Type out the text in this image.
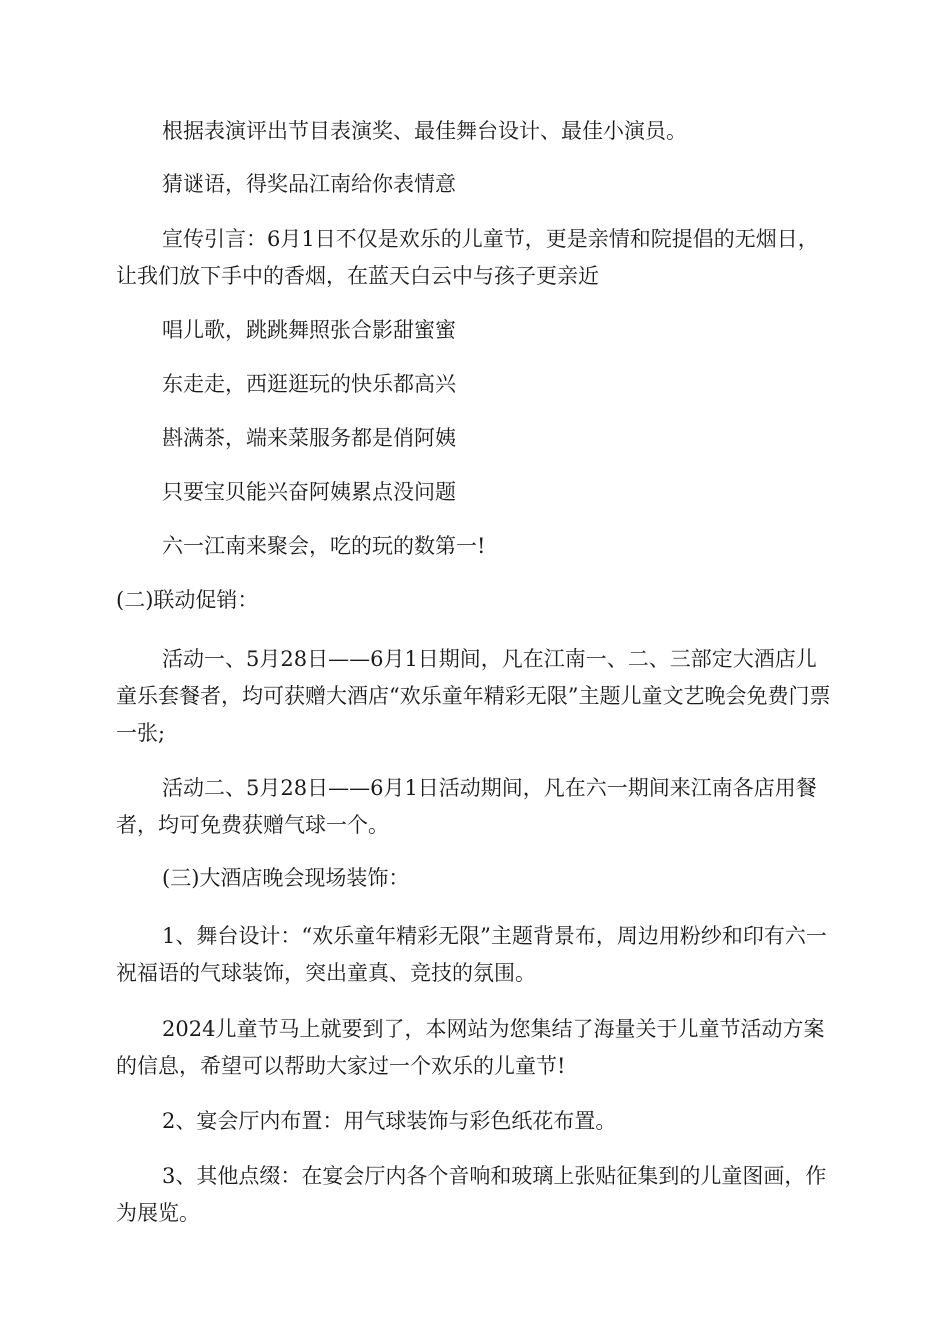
根据表演评出节目表演奖、最佳舞台设计、最佳小演员。

猜谜语，得奖品江南给你表情意

宣传引言：6月1日不仅是欢乐的儿童节，更是亲情和院提倡的无烟日，让我们放下手中的香烟，在蓝天白云中与孩子更亲近

唱儿歌，跳跳舞照张合影甜蜜蜜

东走走，西逛逛玩的快乐都高兴

斟满茶，端来菜服务都是俏阿姨

只要宝贝能兴奋阿姨累点没问题

六一江南来聚会，吃的玩的数第一!

(二)联动促销：

活动一、5月28日——6月1日期间，凡在江南一、二、三部定大酒店儿童乐套餐者，均可获赠大酒店“欢乐童年精彩无限”主题儿童文艺晚会免费门票一张;

活动二、5月28日——6月1日活动期间，凡在六一期间来江南各店用餐者，均可免费获赠气球一个。

(三)大酒店晚会现场装饰：

1、舞台设计：“欢乐童年精彩无限”主题背景布，周边用粉纱和印有六一祝福语的气球装饰，突出童真、竞技的氛围。

2024儿童节马上就要到了，本网站为您集结了海量关于儿童节活动方案的信息，希望可以帮助大家过一个欢乐的儿童节!

2、宴会厅内布置：用气球装饰与彩色纸花布置。

3、其他点缀：在宴会厅内各个音响和玻璃上张贴征集到的儿童图画，作为展览。
